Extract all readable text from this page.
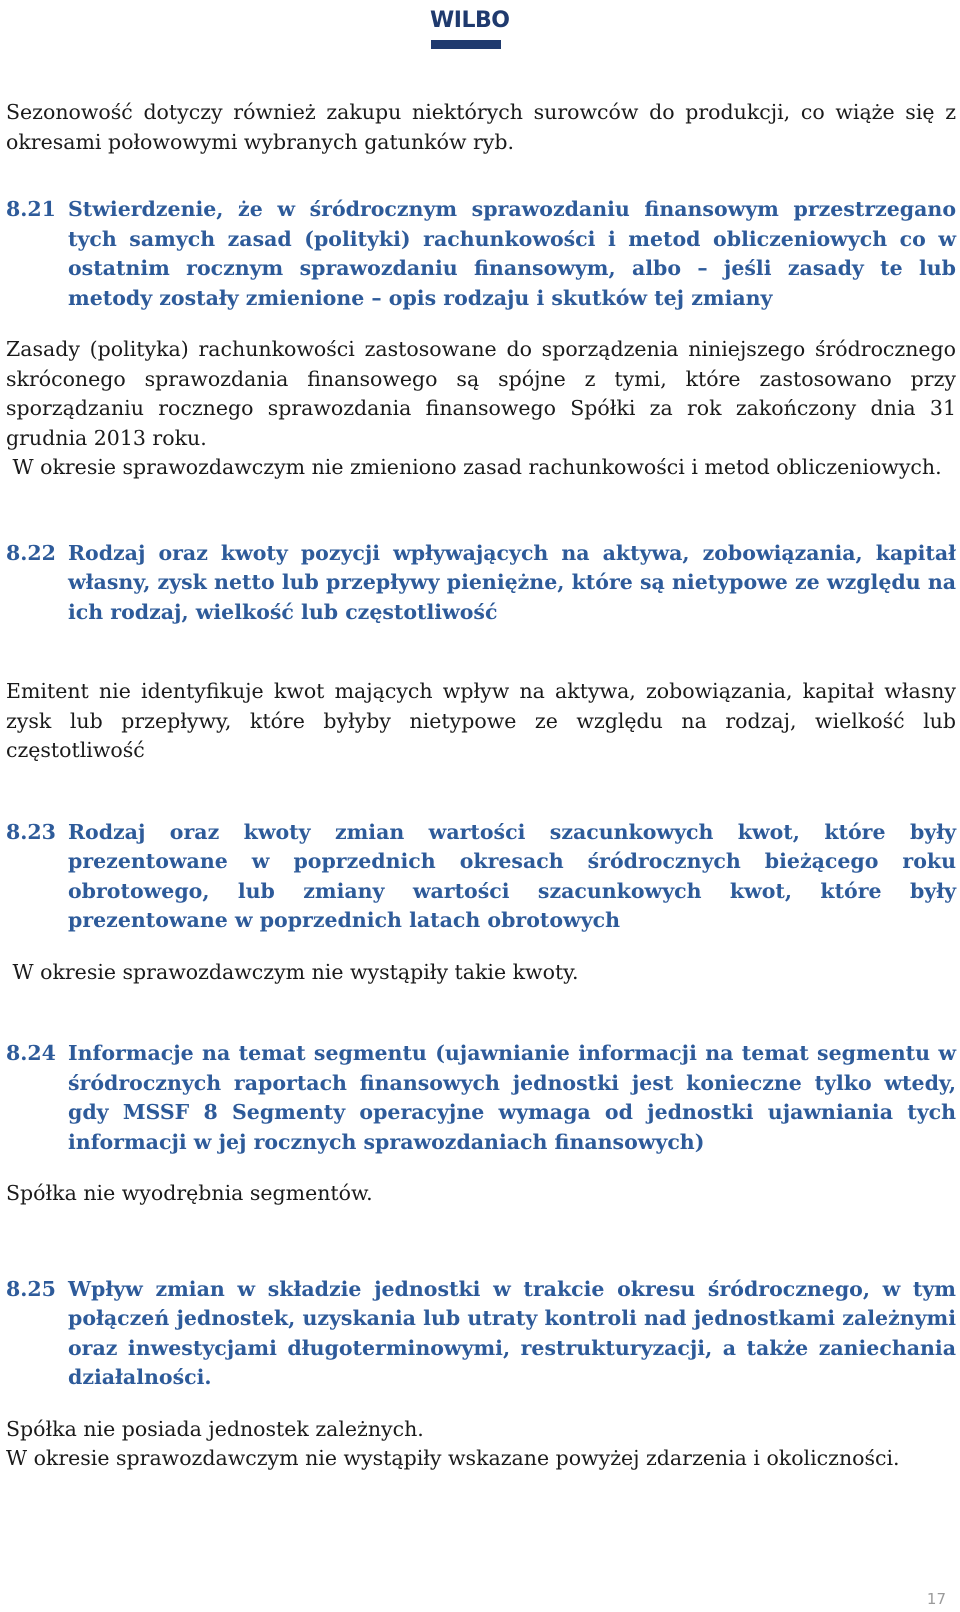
WILBO

Sezonowość dotyczy również zakupu niektórych surowców do produkcji, co wiąże się z okresami połowowymi wybranych gatunków ryb.

8.21 Stwierdzenie, że w śródrocznym sprawozdaniu finansowym przestrzegano tych samych zasad (polityki) rachunkowości i metod obliczeniowych co w ostatnim rocznym sprawozdaniu finansowym, albo – jeśli zasady te lub metody zostały zmienione – opis rodzaju i skutków tej zmiany

Zasady (polityka) rachunkowości zastosowane do sporządzenia niniejszego śródrocznego skróconego sprawozdania finansowego są spójne z tymi, które zastosowano przy sporządzaniu rocznego sprawozdania finansowego Spółki za rok zakończony dnia 31 grudnia 2013 roku.

W okresie sprawozdawczym nie zmieniono zasad rachunkowości i metod obliczeniowych.

8.22 Rodzaj oraz kwoty pozycji wpływających na aktywa, zobowiązania, kapitał własny, zysk netto lub przepływy pieniężne, które są nietypowe ze względu na ich rodzaj, wielkość lub częstotliwość

Emitent nie identyfikuje kwot mających wpływ na aktywa, zobowiązania, kapitał własny zysk lub przepływy, które byłyby nietypowe ze względu na rodzaj, wielkość lub częstotliwość

8.23 Rodzaj oraz kwoty zmian wartości szacunkowych kwot, które były prezentowane w poprzednich okresach śródrocznych bieżącego roku obrotowego, lub zmiany wartości szacunkowych kwot, które były prezentowane w poprzednich latach obrotowych

W okresie sprawozdawczym nie wystąpiły takie kwoty.

8.24 Informacje na temat segmentu (ujawnianie informacji na temat segmentu w śródrocznych raportach finansowych jednostki jest konieczne tylko wtedy, gdy MSSF 8 Segmenty operacyjne wymaga od jednostki ujawniania tych informacji w jej rocznych sprawozdaniach finansowych)

Spółka nie wyodrębnia segmentów.

8.25 Wpływ zmian w składzie jednostki w trakcie okresu śródrocznego, w tym połączeń jednostek, uzyskania lub utraty kontroli nad jednostkami zależnymi oraz inwestycjami długoterminowymi, restrukturyzacji, a także zaniechania działalności.

Spółka nie posiada jednostek zależnych.

W okresie sprawozdawczym nie wystąpiły wskazane powyżej zdarzenia i okoliczności.

17
